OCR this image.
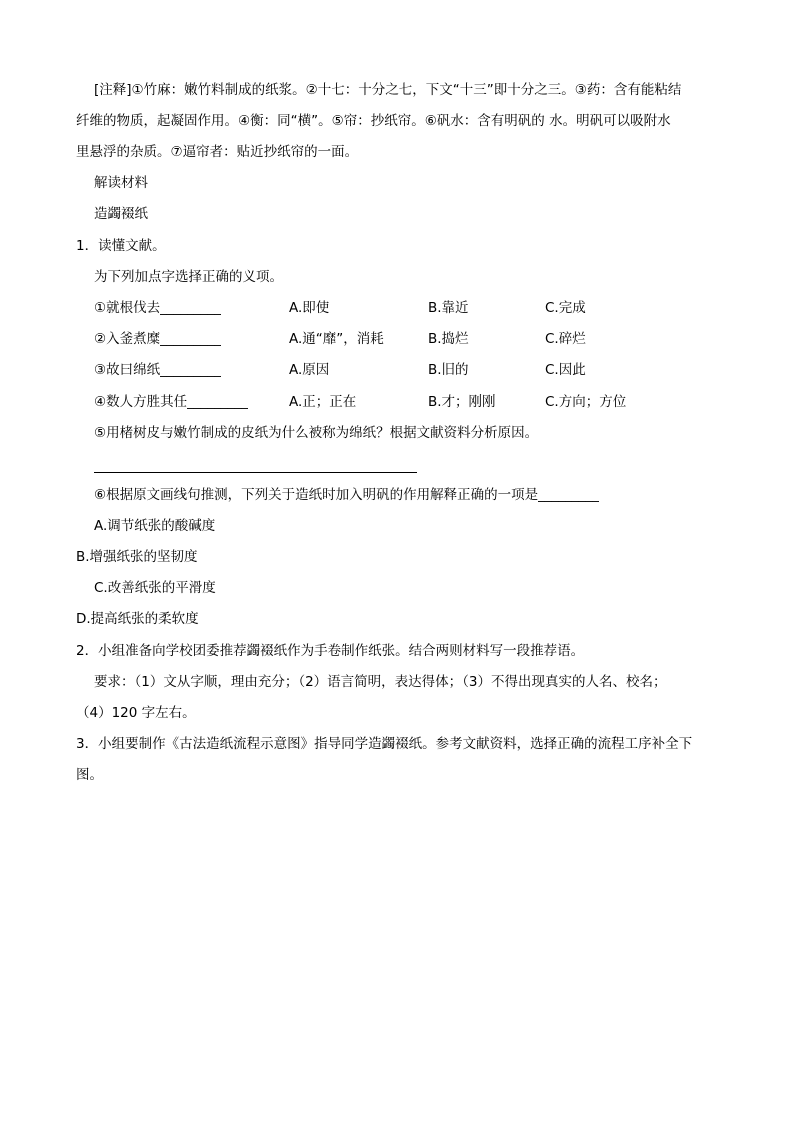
[注释]①竹麻：嫩竹料制成的纸浆。②十七：十分之七，下文“十三”即十分之三。③药：含有能粘结
纤维的物质，起凝固作用。④衡：同“横”。⑤帘：抄纸帘。⑥矾水：含有明矾的 水。明矾可以吸附水
里悬浮的杂质。⑦逼帘者：贴近抄纸帘的一面。
解读材料
造蠲裰纸
1．读懂文献。
为下列加点字选择正确的义项。
①就根伐去_________	A.即使	B.靠近	C.完成
②入釜煮糜_________	A.通“靡”，消耗	B.捣烂	C.碎烂
③故曰绵纸_________	A.原因	B.旧的	C.因此
④数人方胜其任_________	A.正；正在	B.才；刚刚	C.方向；方位
⑤用楮树皮与嫩竹制成的皮纸为什么被称为绵纸？根据文献资料分析原因。
⑥根据原文画线句推测，下列关于造纸时加入明矾的作用解释正确的一项是_________
A.调节纸张的酸碱度
B.增强纸张的坚韧度
C.改善纸张的平滑度
D.提高纸张的柔软度
2．小组准备向学校团委推荐蠲裰纸作为手卷制作纸张。结合两则材料写一段推荐语。
要求：（1）文从字顺，理由充分；（2）语言简明，表达得体；（3）不得出现真实的人名、校名；
（4）120 字左右。
3．小组要制作《古法造纸流程示意图》指导同学造蠲裰纸。参考文献资料，选择正确的流程工序补全下
图。
